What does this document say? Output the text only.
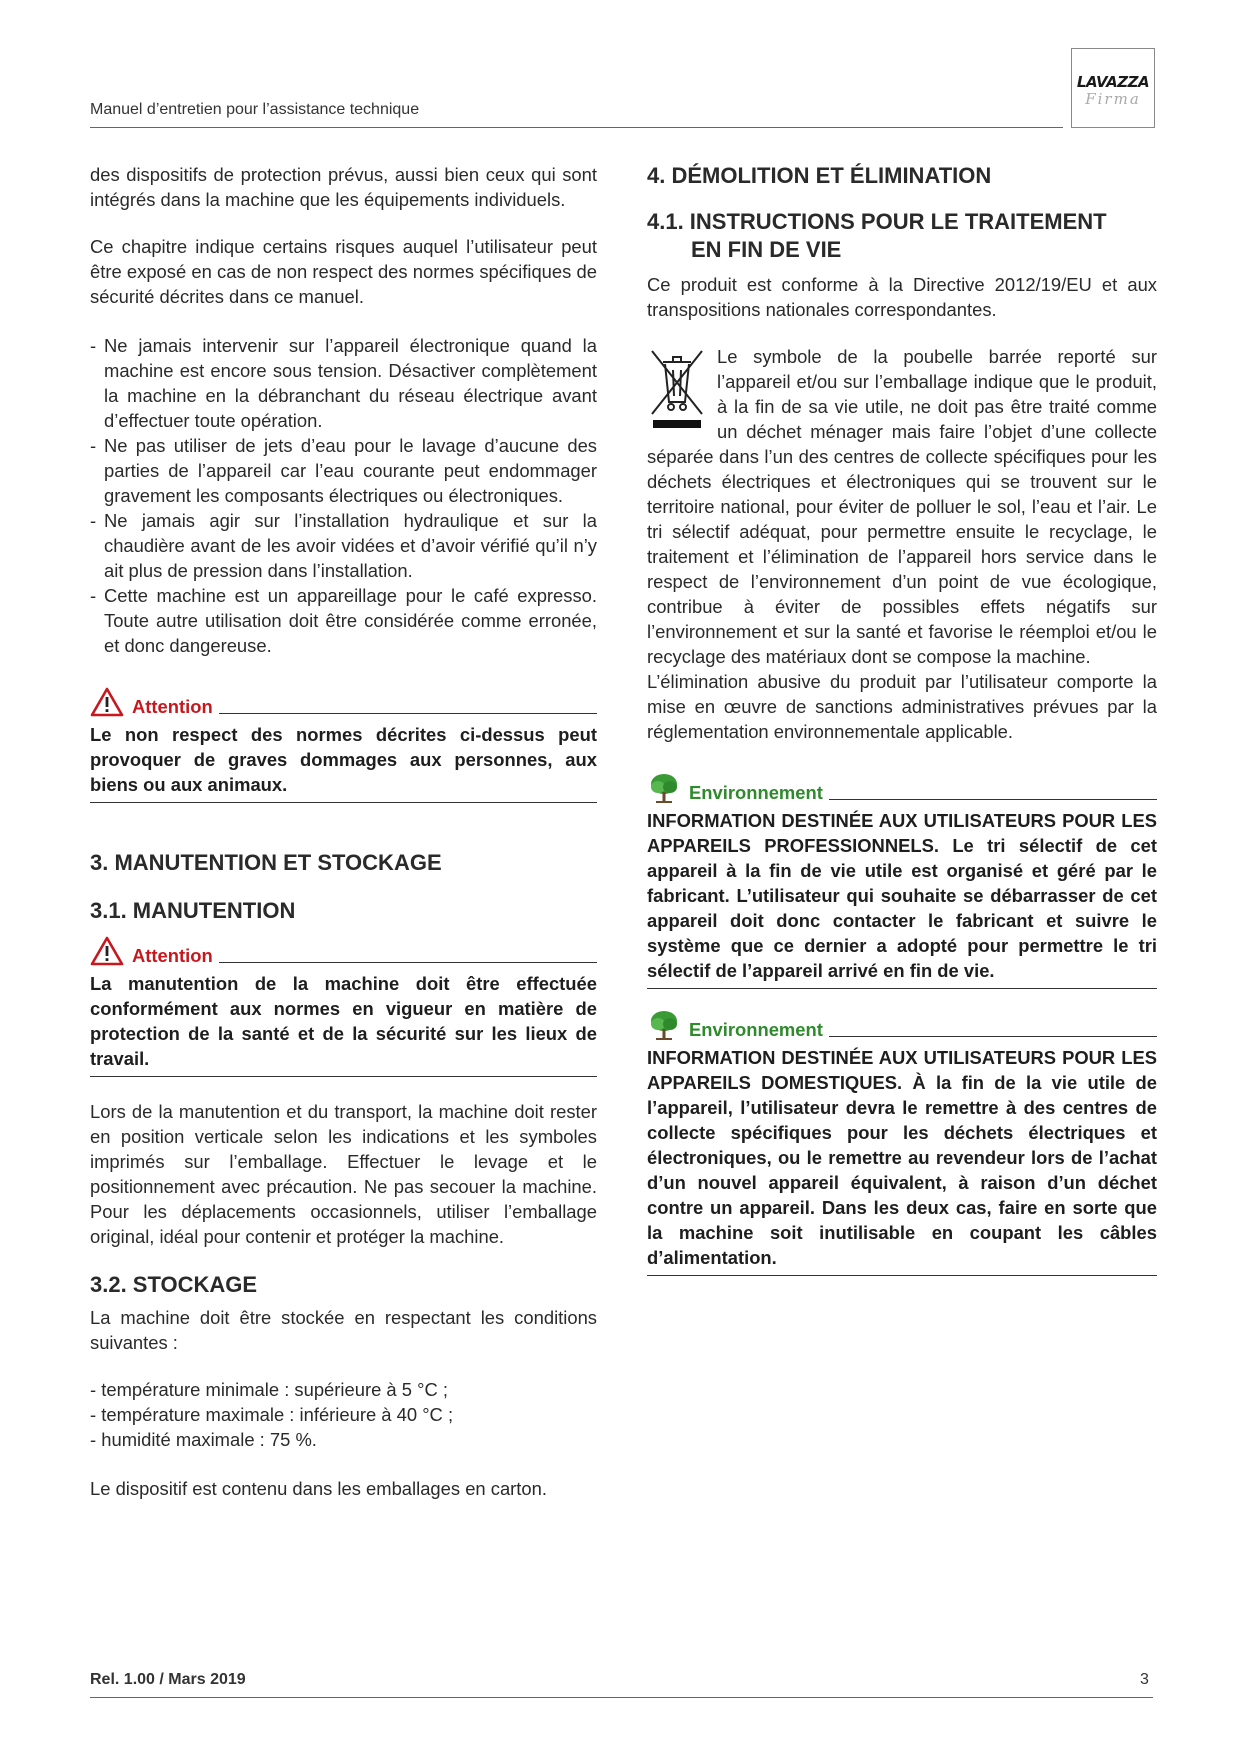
Manuel d’entretien pour l’assistance technique
LAVAZZA
Firma

des dispositifs de protection prévus, aussi bien ceux qui sont intégrés dans la machine que les équipements individuels.

Ce chapitre indique certains risques auquel l’utilisateur peut être exposé en cas de non respect des normes spécifiques de sécurité décrites dans ce manuel.

- Ne jamais intervenir sur l’appareil électronique quand la machine est encore sous tension. Désactiver complètement la machine en la débranchant du réseau électrique avant d’effectuer toute opération.
- Ne pas utiliser de jets d’eau pour le lavage d’aucune des parties de l’appareil car l’eau courante peut endommager gravement les composants électriques ou électroniques.
- Ne jamais agir sur l’installation hydraulique et sur la chaudière avant de les avoir vidées et d’avoir vérifié qu’il n’y ait plus de pression dans l’installation.
- Cette machine est un appareillage pour le café expresso. Toute autre utilisation doit être considérée comme erronée, et donc dangereuse.
Attention

Le non respect des normes décrites ci-dessus peut provoquer de graves dommages aux personnes, aux biens ou aux animaux.

3. MANUTENTION ET STOCKAGE
3.1. MANUTENTION
Attention

La manutention de la machine doit être effectuée conformément aux normes en vigueur en matière de protection de la santé et de la sécurité sur les lieux de travail.

Lors de la manutention et du transport, la machine doit rester en position verticale selon les indications et les symboles imprimés sur l’emballage. Effectuer le levage et le positionnement avec précaution. Ne pas secouer la machine. Pour les déplacements occasionnels, utiliser l’emballage original, idéal pour contenir et protéger la machine.

3.2. STOCKAGE

La machine doit être stockée en respectant les conditions suivantes :

- température minimale : supérieure à 5 °C ;

- température maximale : inférieure à 40 °C ;

- humidité maximale : 75 %.

Le dispositif est contenu dans les emballages en carton.

4. DÉMOLITION ET ÉLIMINATION
4.1. INSTRUCTIONS POUR LE TRAITEMENT
EN FIN DE VIE

Ce produit est conforme à la Directive 2012/19/EU et aux transpositions nationales correspondantes.

Le symbole de la poubelle barrée reporté sur l’appareil et/ou sur l’emballage indique que le produit, à la fin de sa vie utile, ne doit pas être traité comme un déchet ménager mais faire l’objet d’une collecte séparée dans l’un des centres de collecte spécifiques pour les déchets électriques et électroniques qui se trouvent sur le territoire national, pour éviter de polluer le sol, l’eau et l’air. Le tri sélectif adéquat, pour permettre ensuite le recyclage, le traitement et l’élimination de l’appareil hors service dans le respect de l’environnement d’un point de vue écologique, contribue à éviter de possibles effets négatifs sur l’environnement et sur la santé et favorise le réemploi et/ou le recyclage des matériaux dont se compose la machine.

L’élimination abusive du produit par l’utilisateur comporte la mise en œuvre de sanctions administratives prévues par la réglementation environnementale applicable.

Environnement

INFORMATION DESTINÉE AUX UTILISATEURS POUR LES APPAREILS PROFESSIONNELS. Le tri sélectif de cet appareil à la fin de vie utile est organisé et géré par le fabricant. L’utilisateur qui souhaite se débarrasser de cet appareil doit donc contacter le fabricant et suivre le système que ce dernier a adopté pour permettre le tri sélectif de l’appareil arrivé en fin de vie.

Environnement

INFORMATION DESTINÉE AUX UTILISATEURS POUR LES APPAREILS DOMESTIQUES. À la fin de la vie utile de l’appareil, l’utilisateur devra le remettre à des centres de collecte spécifiques pour les déchets électriques et électroniques, ou le remettre au revendeur lors de l’achat d’un nouvel appareil équivalent, à raison d’un déchet contre un appareil. Dans les deux cas, faire en sorte que la machine soit inutilisable en coupant les câbles d’alimentation.

Rel. 1.00 / Mars 2019	3
